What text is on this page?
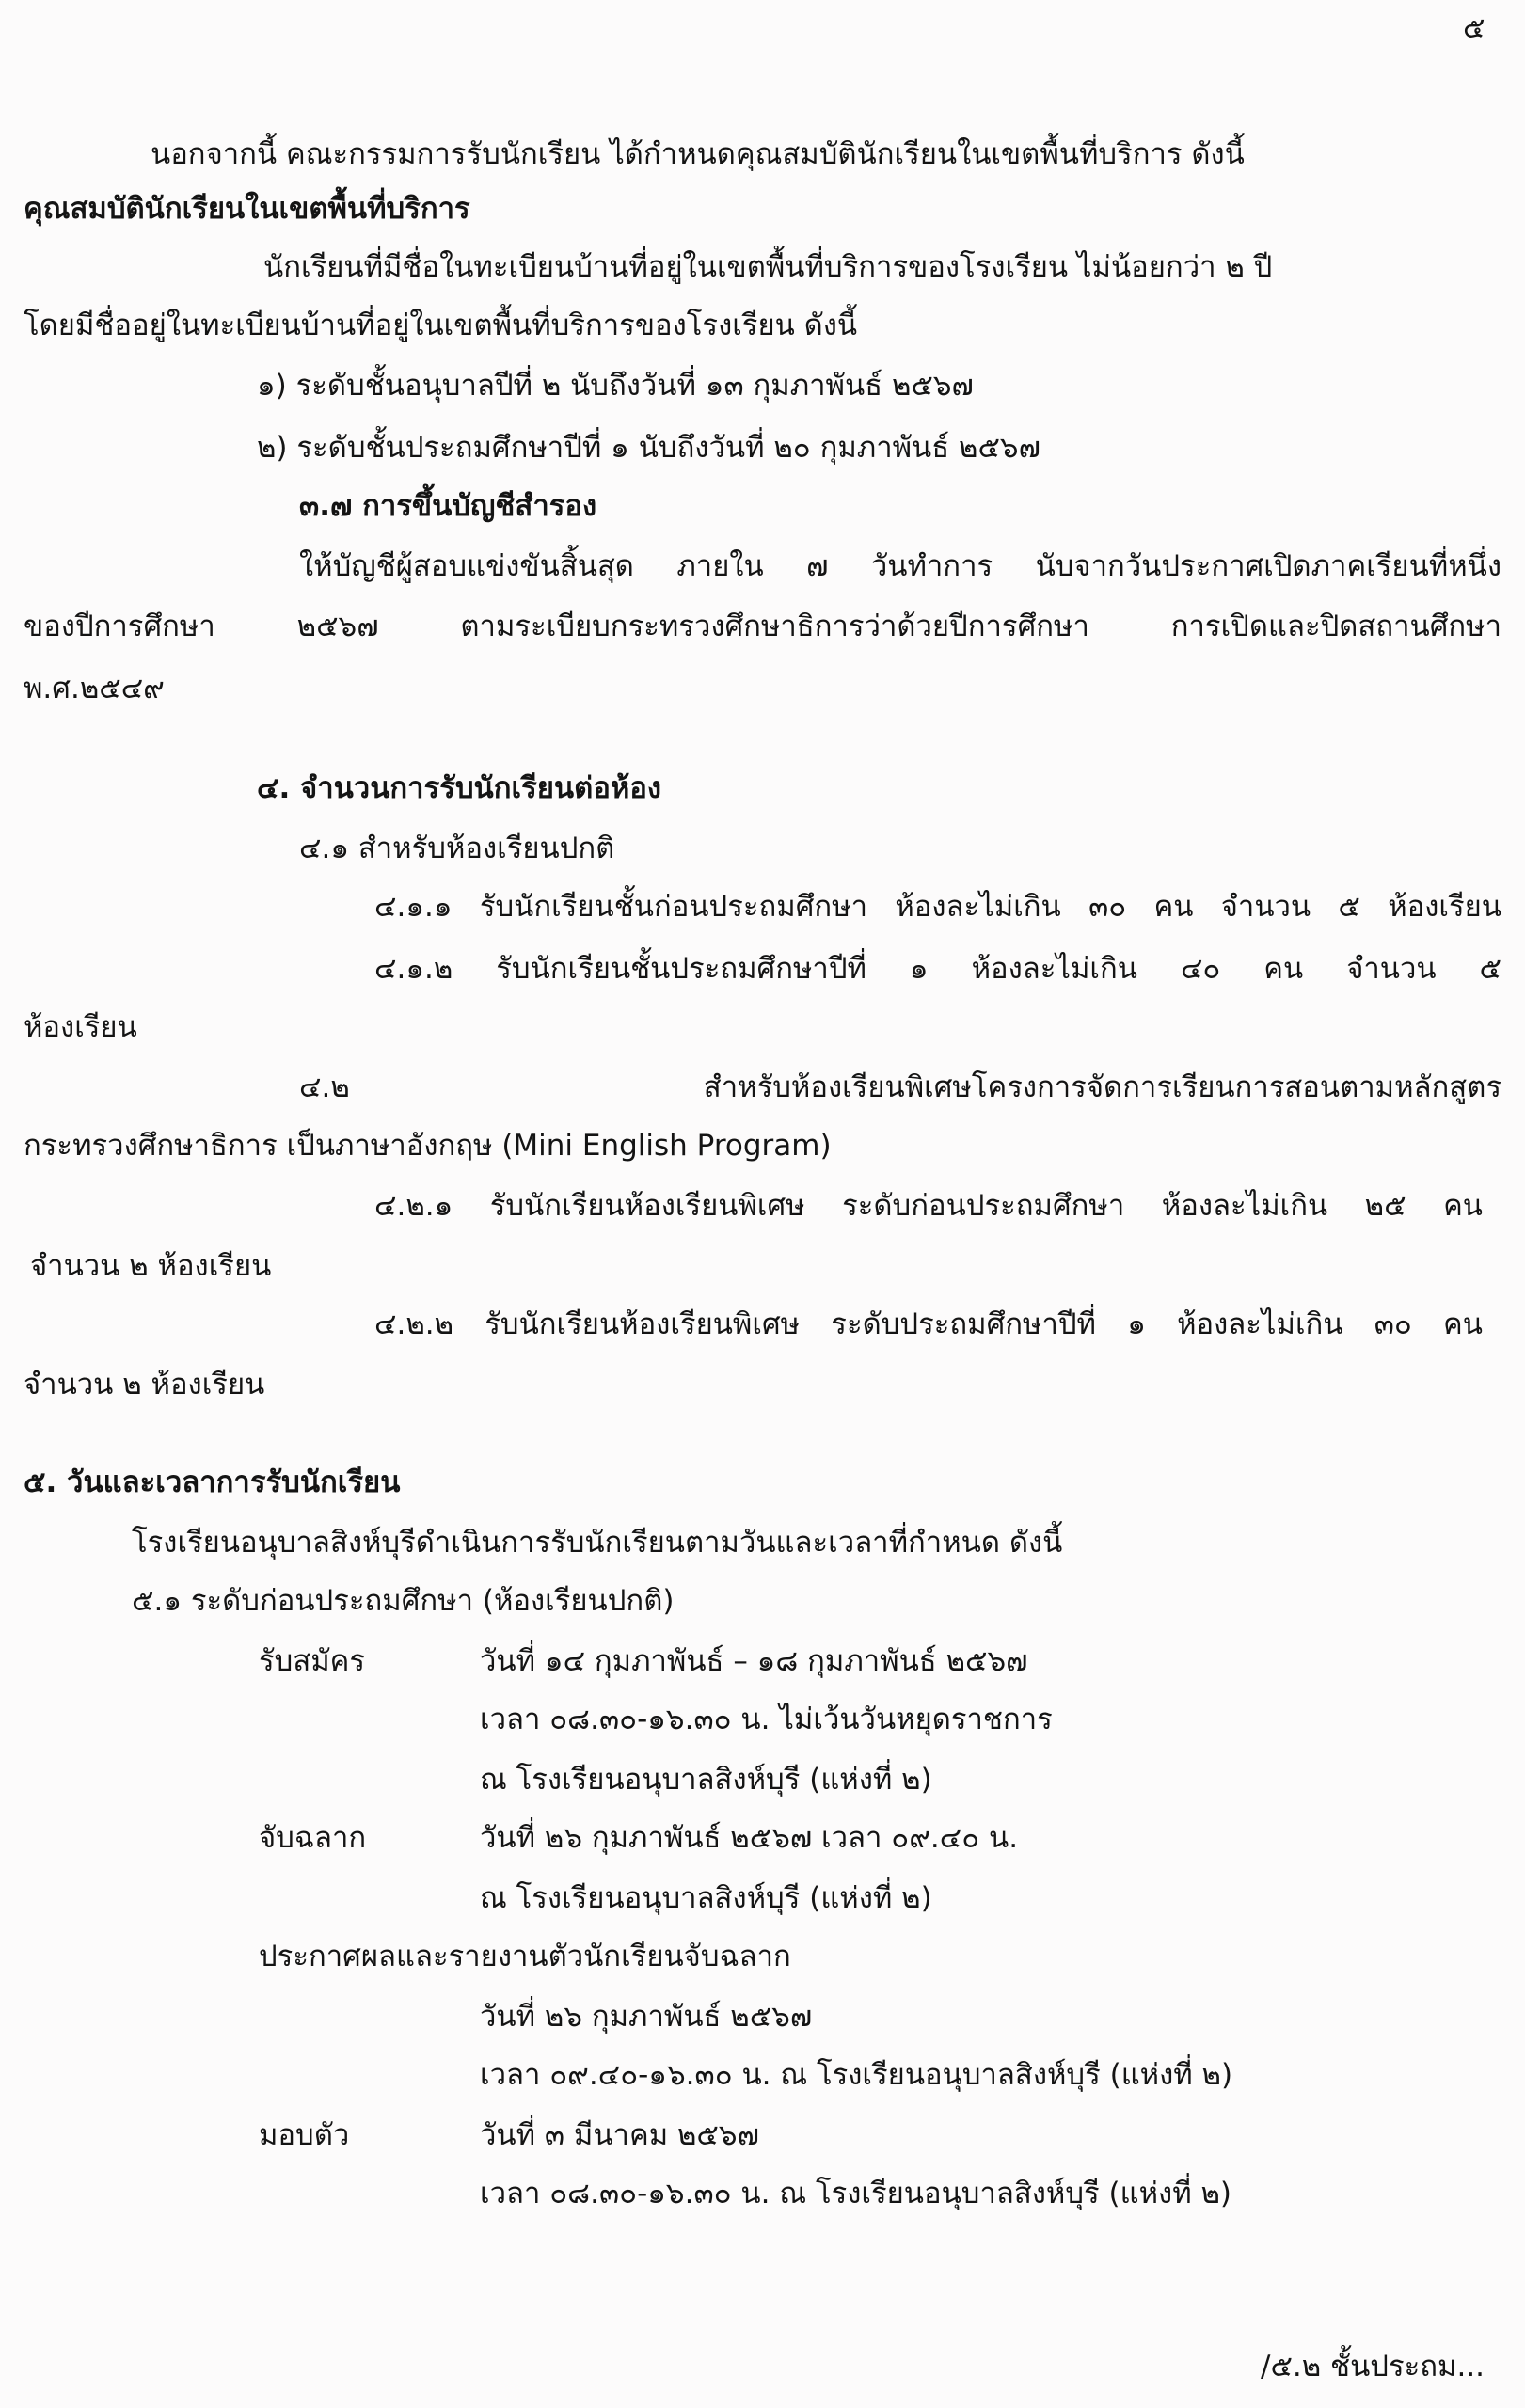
๕
นอกจากนี้ คณะกรรมการรับนักเรียน ได้กำหนดคุณสมบัตินักเรียนในเขตพื้นที่บริการ ดังนี้
คุณสมบัตินักเรียนในเขตพื้นที่บริการ
นักเรียนที่มีชื่อในทะเบียนบ้านที่อยู่ในเขตพื้นที่บริการของโรงเรียน ไม่น้อยกว่า ๒ ปี
โดยมีชื่ออยู่ในทะเบียนบ้านที่อยู่ในเขตพื้นที่บริการของโรงเรียน ดังนี้
๑) ระดับชั้นอนุบาลปีที่ ๒ นับถึงวันที่ ๑๓ กุมภาพันธ์ ๒๕๖๗
๒) ระดับชั้นประถมศึกษาปีที่ ๑ นับถึงวันที่ ๒๐ กุมภาพันธ์ ๒๕๖๗
๓.๗ การขึ้นบัญชีสำรอง
ให้บัญชีผู้สอบแข่งขันสิ้นสุด ภายใน ๗ วันทำการ นับจากวันประกาศเปิดภาคเรียนที่หนึ่ง
ของปีการศึกษา ๒๕๖๗ ตามระเบียบกระทรวงศึกษาธิการว่าด้วยปีการศึกษา การเปิดและปิดสถานศึกษา
พ.ศ.๒๕๔๙
๔. จำนวนการรับนักเรียนต่อห้อง
๔.๑ สำหรับห้องเรียนปกติ
๔.๑.๑ รับนักเรียนชั้นก่อนประถมศึกษา ห้องละไม่เกิน ๓๐ คน จำนวน ๕ ห้องเรียน
๔.๑.๒ รับนักเรียนชั้นประถมศึกษาปีที่ ๑ ห้องละไม่เกิน ๔๐ คน จำนวน ๕
ห้องเรียน
๔.๒ สำหรับห้องเรียนพิเศษโครงการจัดการเรียนการสอนตามหลักสูตร
กระทรวงศึกษาธิการ เป็นภาษาอังกฤษ (Mini English Program)
๔.๒.๑ รับนักเรียนห้องเรียนพิเศษ ระดับก่อนประถมศึกษา ห้องละไม่เกิน ๒๕ คน
จำนวน ๒ ห้องเรียน
๔.๒.๒ รับนักเรียนห้องเรียนพิเศษ ระดับประถมศึกษาปีที่ ๑ ห้องละไม่เกิน ๓๐ คน
จำนวน ๒ ห้องเรียน
๕. วันและเวลาการรับนักเรียน
โรงเรียนอนุบาลสิงห์บุรีดำเนินการรับนักเรียนตามวันและเวลาที่กำหนด ดังนี้
๕.๑ ระดับก่อนประถมศึกษา (ห้องเรียนปกติ)
รับสมัคร	วันที่ ๑๔ กุมภาพันธ์ – ๑๘ กุมภาพันธ์ ๒๕๖๗
เวลา ๐๘.๓๐-๑๖.๓๐ น. ไม่เว้นวันหยุดราชการ
ณ โรงเรียนอนุบาลสิงห์บุรี (แห่งที่ ๒)
จับฉลาก	วันที่ ๒๖ กุมภาพันธ์ ๒๕๖๗ เวลา ๐๙.๔๐ น.
ณ โรงเรียนอนุบาลสิงห์บุรี (แห่งที่ ๒)
ประกาศผลและรายงานตัวนักเรียนจับฉลาก
วันที่ ๒๖ กุมภาพันธ์ ๒๕๖๗
เวลา ๐๙.๔๐-๑๖.๓๐ น. ณ โรงเรียนอนุบาลสิงห์บุรี (แห่งที่ ๒)
มอบตัว	วันที่ ๓ มีนาคม ๒๕๖๗
เวลา ๐๘.๓๐-๑๖.๓๐ น. ณ โรงเรียนอนุบาลสิงห์บุรี (แห่งที่ ๒)
/๕.๒ ชั้นประถม...
